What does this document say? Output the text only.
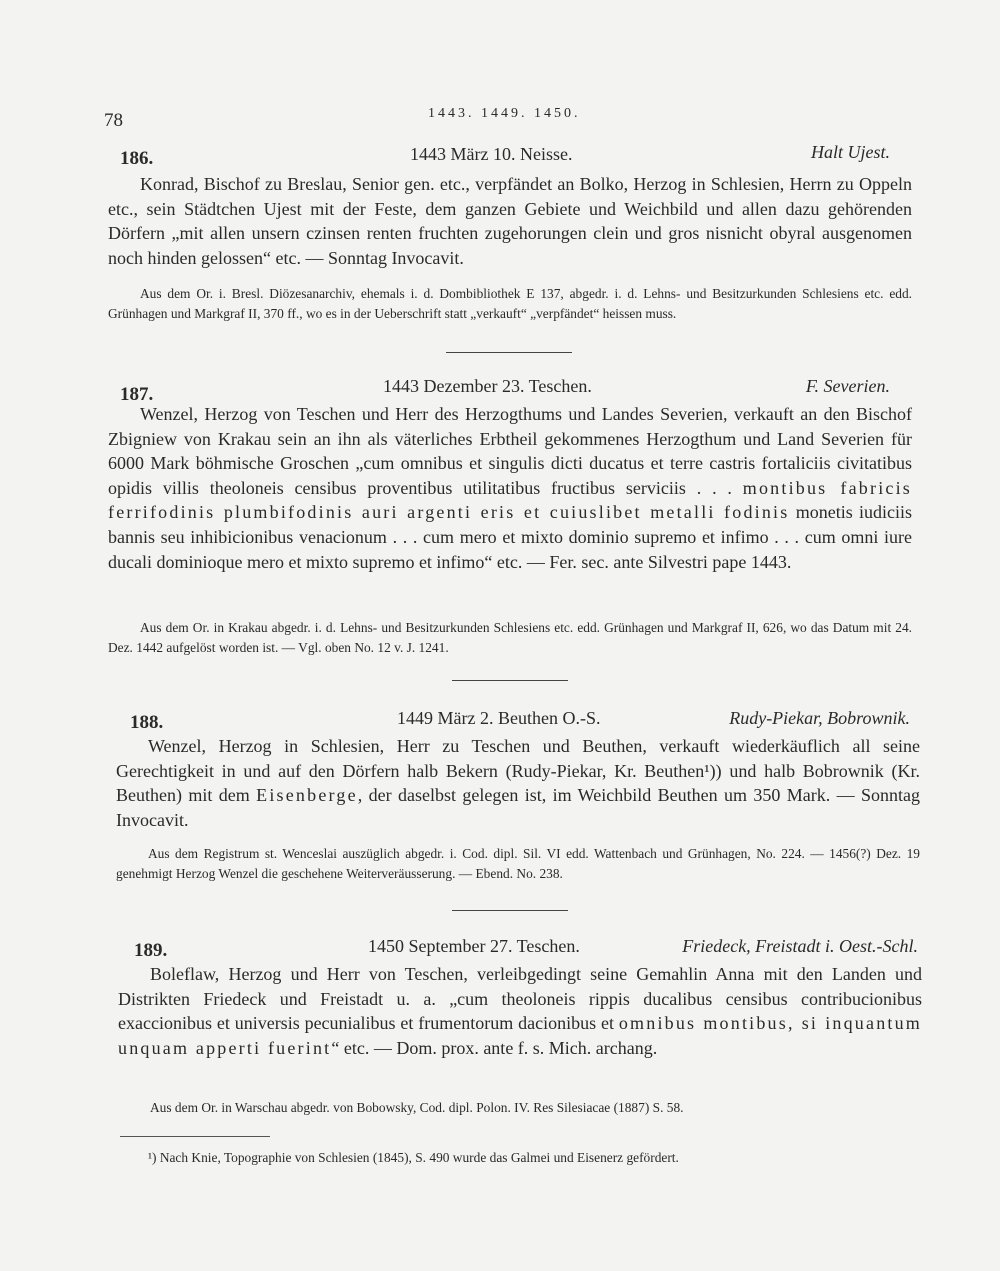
78	1443. 1449. 1450.
186.	1443 März 10. Neisse.	Halt Ujest.
Konrad, Bischof zu Breslau, Senior gen. etc., verpfändet an Bolko, Herzog in Schlesien, Herrn zu Oppeln etc., sein Städtchen Ujest mit der Feste, dem ganzen Gebiete und Weichbild und allen dazu gehörenden Dörfern „mit allen unsern czinsen renten fruchten zugehorungen clein und gros nisnicht obyral ausgenomen noch hinden gelossen“ etc. — Sonntag Invocavit.
Aus dem Or. i. Bresl. Diözesanarchiv, ehemals i. d. Dombibliothek E 137, abgedr. i. d. Lehns- und Besitzurkunden Schlesiens etc. edd. Grünhagen und Markgraf II, 370 ff., wo es in der Ueberschrift statt „verkauft“ „verpfändet“ heissen muss.
187.	1443 Dezember 23. Teschen.	F. Severien.
Wenzel, Herzog von Teschen und Herr des Herzogthums und Landes Severien, verkauft an den Bischof Zbigniew von Krakau sein an ihn als väterliches Erbtheil gekommenes Herzogthum und Land Severien für 6000 Mark böhmische Groschen „cum omnibus et singulis dicti ducatus et terre castris fortaliciis civitatibus opidis villis theoloneis censibus proventibus utilitatibus fructibus serviciis . . . montibus fabricis ferrifodinis plumbifodinis auri argenti eris et cuiuslibet metalli fodinis monetis iudiciis bannis seu inhibicionibus venacionum . . . cum mero et mixto dominio supremo et infimo . . . cum omni iure ducali dominioque mero et mixto supremo et infimo“ etc. — Fer. sec. ante Silvestri pape 1443.
Aus dem Or. in Krakau abgedr. i. d. Lehns- und Besitzurkunden Schlesiens etc. edd. Grünhagen und Markgraf II, 626, wo das Datum mit 24. Dez. 1442 aufgelöst worden ist. — Vgl. oben No. 12 v. J. 1241.
188.	1449 März 2. Beuthen O.-S.	Rudy-Piekar, Bobrownik.
Wenzel, Herzog in Schlesien, Herr zu Teschen und Beuthen, verkauft wiederkäuflich all seine Gerechtigkeit in und auf den Dörfern halb Bekern (Rudy-Piekar, Kr. Beuthen¹)) und halb Bobrownik (Kr. Beuthen) mit dem Eisenberge, der daselbst gelegen ist, im Weichbild Beuthen um 350 Mark. — Sonntag Invocavit.
Aus dem Registrum st. Wenceslai auszüglich abgedr. i. Cod. dipl. Sil. VI edd. Wattenbach und Grünhagen, No. 224. — 1456(?) Dez. 19 genehmigt Herzog Wenzel die geschehene Weiterveräusserung. — Ebend. No. 238.
189.	1450 September 27. Teschen.	Friedeck, Freistadt i. Oest.-Schl.
Boleflaw, Herzog und Herr von Teschen, verleibgedingt seine Gemahlin Anna mit den Landen und Distrikten Friedeck und Freistadt u. a. „cum theoloneis rippis ducalibus censibus contribucionibus exaccionibus et universis pecunialibus et frumentorum dacionibus et omnibus montibus, si inquantum unquam apperti fuerint“ etc. — Dom. prox. ante f. s. Mich. archang.
Aus dem Or. in Warschau abgedr. von Bobowsky, Cod. dipl. Polon. IV. Res Silesiacae (1887) S. 58.
¹) Nach Knie, Topographie von Schlesien (1845), S. 490 wurde das Galmei und Eisenerz gefördert.
